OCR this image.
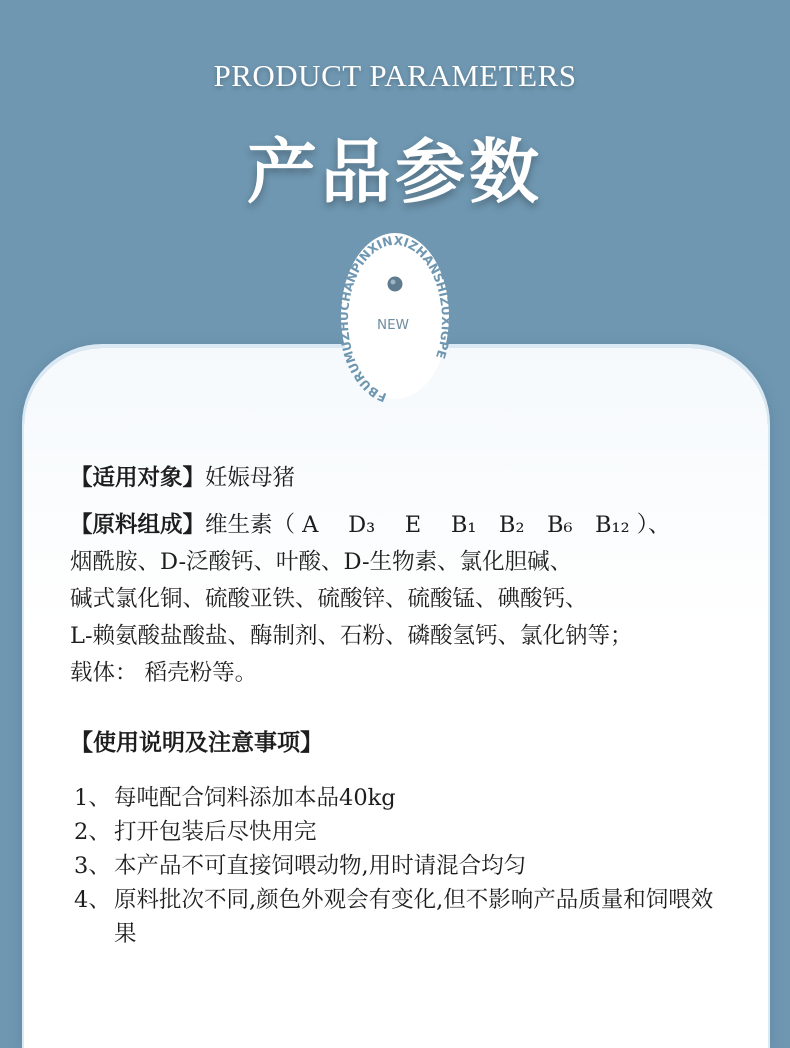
PRODUCT PARAMETERS
产品参数
FBURUMUZHUCHANPINXINXIZHANSHIZUXIGPE
NEW
【适用对象】妊娠母猪
【原料组成】维生素（ A　 D₃　 E　 B₁　B₂　B₆　B₁₂ ）、
烟酰胺、D-泛酸钙、叶酸、D-生物素、氯化胆碱、
碱式氯化铜、硫酸亚铁、硫酸锌、硫酸锰、碘酸钙、
L-赖氨酸盐酸盐、酶制剂、石粉、磷酸氢钙、氯化钠等；
载体： 稻壳粉等。
【使用说明及注意事项】
1、 每吨配合饲料添加本品40kg
2、 打开包装后尽快用完
3、 本产品不可直接饲喂动物,用时请混合均匀
4、 原料批次不同,颜色外观会有变化,但不影响产品质量和饲喂效果
